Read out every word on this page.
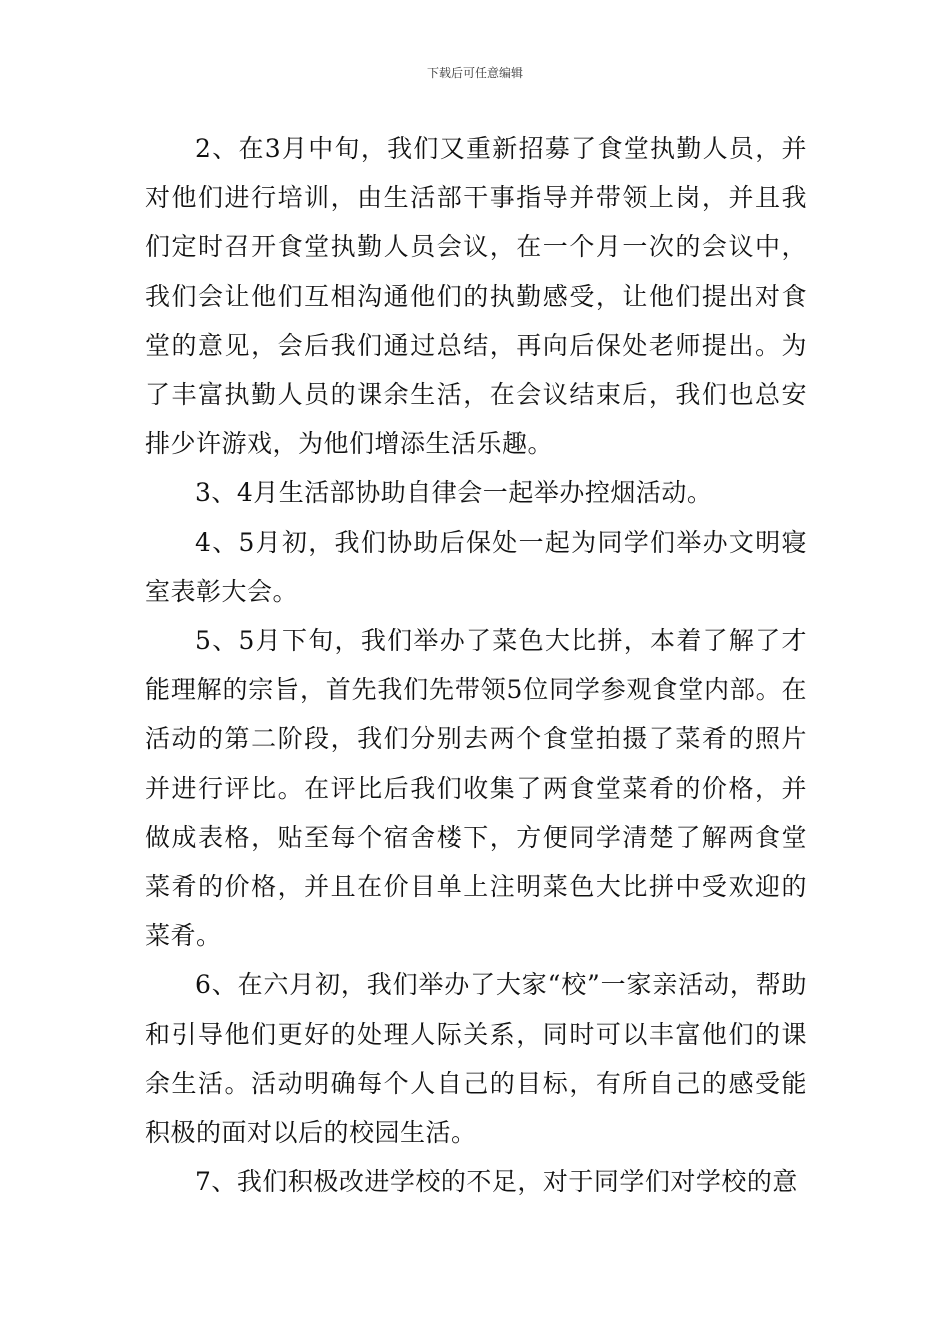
下载后可任意编辑

2、在3月中旬，我们又重新招募了食堂执勤人员，并对他们进行培训，由生活部干事指导并带领上岗，并且我们定时召开食堂执勤人员会议，在一个月一次的会议中，我们会让他们互相沟通他们的执勤感受，让他们提出对食堂的意见，会后我们通过总结，再向后保处老师提出。为了丰富执勤人员的课余生活，在会议结束后，我们也总安排少许游戏，为他们增添生活乐趣。

3、4月生活部协助自律会一起举办控烟活动。

4、5月初，我们协助后保处一起为同学们举办文明寝室表彰大会。

5、5月下旬，我们举办了菜色大比拼，本着了解了才能理解的宗旨，首先我们先带领5位同学参观食堂内部。在活动的第二阶段，我们分别去两个食堂拍摄了菜肴的照片并进行评比。在评比后我们收集了两食堂菜肴的价格，并做成表格，贴至每个宿舍楼下，方便同学清楚了解两食堂菜肴的价格，并且在价目单上注明菜色大比拼中受欢迎的菜肴。

6、在六月初，我们举办了大家“校”一家亲活动，帮助和引导他们更好的处理人际关系，同时可以丰富他们的课余生活。活动明确每个人自己的目标，有所自己的感受能积极的面对以后的校园生活。

7、我们积极改进学校的不足，对于同学们对学校的意
